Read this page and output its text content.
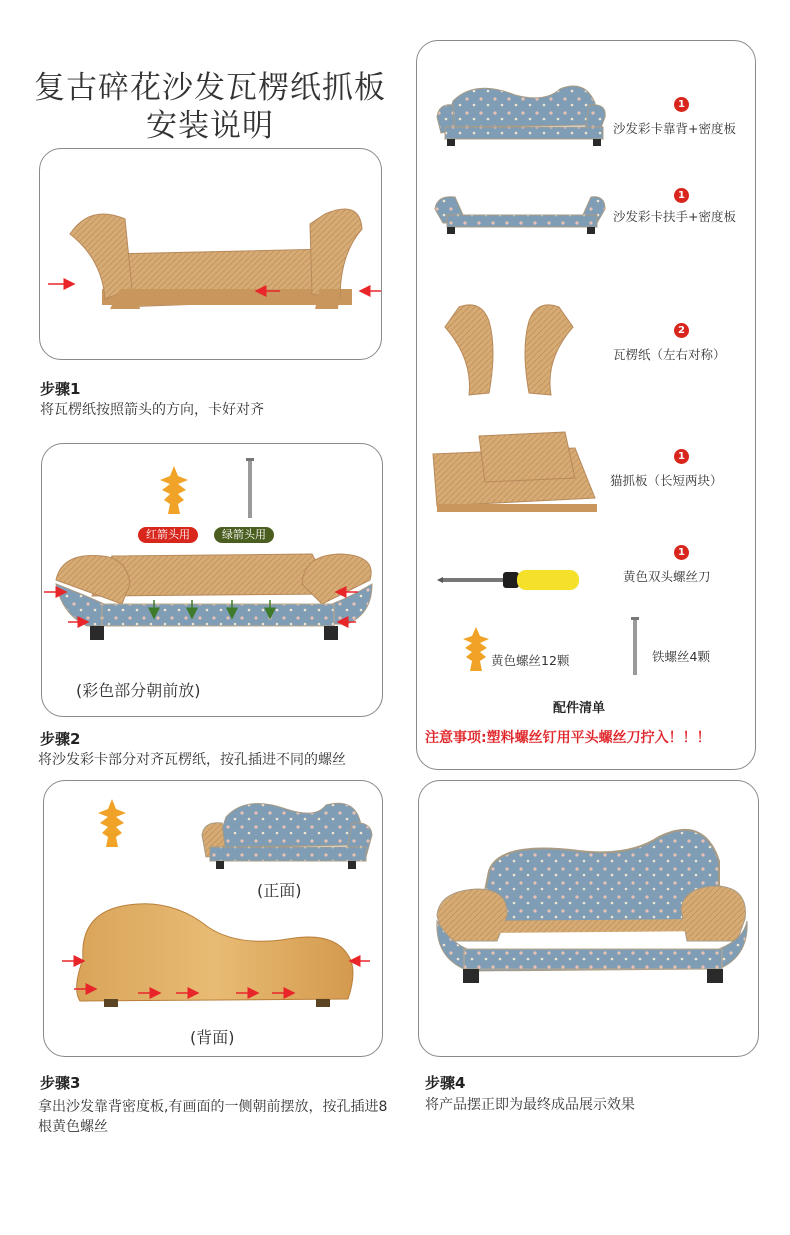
复古碎花沙发瓦楞纸抓板
安装说明
步骤1
将瓦楞纸按照箭头的方向，卡好对齐
红箭头用	绿箭头用
(彩色部分朝前放)
步骤2
将沙发彩卡部分对齐瓦楞纸，按孔插进不同的螺丝
(正面)
(背面)
步骤3
拿出沙发靠背密度板,有画面的一侧朝前摆放，按孔插进8根黄色螺丝
步骤4
将产品摆正即为最终成品展示效果
1
沙发彩卡靠背+密度板
1
沙发彩卡扶手+密度板
2
瓦楞纸（左右对称）
1
猫抓板（长短两块）
1
黄色双头螺丝刀
黄色螺丝12颗	铁螺丝4颗
配件清单
注意事项:塑料螺丝钉用平头螺丝刀拧入！！！
